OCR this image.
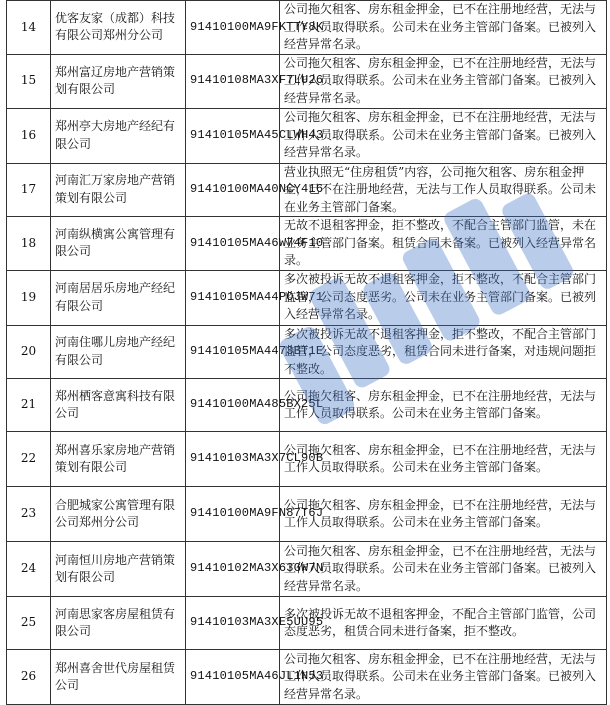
14	优客友家（成都）科技有限公司郑州分公司	91410100MA9FKTTY8K	公司拖欠租客、房东租金押金，已不在注册地经营，无法与工作人员取得联系。公司未在业务主管部门备案。已被列入经营异常名录。
15	郑州富辽房地产营销策划有限公司	91410108MA3XF7LU26	公司拖欠租客、房东租金押金，已不在注册地经营，无法与工作人员取得联系。公司未在业务主管部门备案。已被列入经营异常名录。
16	郑州亭大房地产经纪有限公司	91410105MA45CLWH43	公司拖欠租客、房东租金押金，已不在注册地经营，无法与工作人员取得联系。公司未在业务主管部门备案。已被列入经营异常名录。
17	河南汇万家房地产营销策划有限公司	91410100MA40NCY416	营业执照无“住房租赁”内容，公司拖欠租客、房东租金押金，已不在注册地经营，无法与工作人员取得联系。公司未在业务主管部门备案。
18	河南纵横寓公寓管理有限公司	91410105MA46W74F10	无故不退租客押金，拒不整改，不配合主管部门监管，未在业务主管部门备案。租赁合同未备案。已被列入经营异常名录。
19	河南居居乐房地产经纪有限公司	91410105MA44POJW71	多次被投诉无故不退租客押金，拒不整改，不配合主管部门监管，公司态度恶劣。公司未在业务主管部门备案。已被列入经营异常名录。
20	河南住哪儿房地产经纪有限公司	91410105MA4473BT1E	多次被投诉无故不退租客押金，拒不整改，不配合主管部门监管，公司态度恶劣，租赁合同未进行备案，对违规问题拒不整改。
21	郑州栖客意寓科技有限公司	91410100MA485BX25L	公司拖欠租客、房东租金押金，已不在注册地经营，无法与工作人员取得联系。公司未在业务主管部门备案。
22	郑州喜乐家房地产营销策划有限公司	91410103MA3X7CL90B	公司拖欠租客、房东租金押金，已不在注册地经营，无法与工作人员取得联系。公司未在业务主管部门备案。
23	合肥城家公寓管理有限公司郑州分公司	91410100MA9FN87T6J	公司拖欠租客、房东租金押金，已不在注册地经营，无法与工作人员取得联系。公司未在业务主管部门备案。
24	河南恒川房地产营销策划有限公司	91410102MA3X63GW7N	公司拖欠租客、房东租金押金，已不在注册地经营，无法与工作人员取得联系。公司未在业务主管部门备案。已被列入经营异常名录。
25	河南思家客房屋租赁有限公司	91410103MA3XE5UU95	多次被投诉无故不退租客押金，不配合主管部门监管，公司态度恶劣，租赁合同未进行备案，拒不整改。
26	郑州喜舍世代房屋租赁公司	91410105MA46JL1N53	公司拖欠租客、房东租金押金，已不在注册地经营，无法与工作人员取得联系。公司未在业务主管部门备案。已被列入经营异常名录。
